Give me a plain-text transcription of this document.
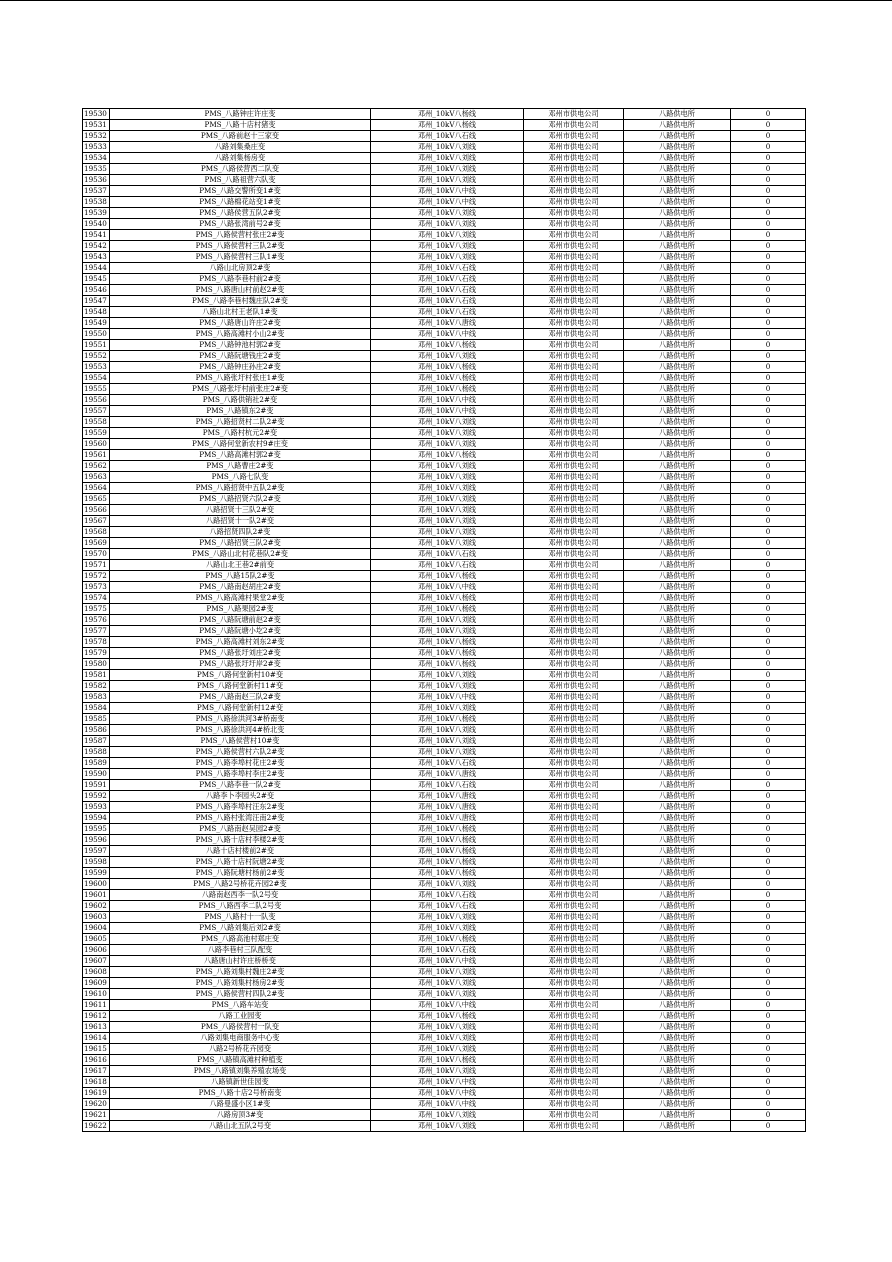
19530	PMS_八路钟庄许庄变	邓州_10kV八杨线	邓州市供电公司	八路供电所	0
19531	PMS_八路十店村猪变	邓州_10kV八杨线	邓州市供电公司	八路供电所	0
19532	PMS_八路前赵十三家变	邓州_10kV八石线	邓州市供电公司	八路供电所	0
19533	八路刘集桑庄变	邓州_10kV八刘线	邓州市供电公司	八路供电所	0
19534	八路刘集杨房变	邓州_10kV八刘线	邓州市供电公司	八路供电所	0
19535	PMS_八路侯营西二队变	邓州_10kV八刘线	邓州市供电公司	八路供电所	0
19536	PMS_八路祖营六队变	邓州_10kV八刘线	邓州市供电公司	八路供电所	0
19537	PMS_八路交警所变1#变	邓州_10kV八中线	邓州市供电公司	八路供电所	0
19538	PMS_八路棉花站变1#变	邓州_10kV八中线	邓州市供电公司	八路供电所	0
19539	PMS_八路侯营五队2#变	邓州_10kV八刘线	邓州市供电公司	八路供电所	0
19540	PMS_八路张湾前号2#变	邓州_10kV八刘线	邓州市供电公司	八路供电所	0
19541	PMS_八路侯营村张庄2#变	邓州_10kV八刘线	邓州市供电公司	八路供电所	0
19542	PMS_八路侯营村三队2#变	邓州_10kV八刘线	邓州市供电公司	八路供电所	0
19543	PMS_八路侯营村三队1#变	邓州_10kV八刘线	邓州市供电公司	八路供电所	0
19544	八路山北房顶2#变	邓州_10kV八石线	邓州市供电公司	八路供电所	0
19545	PMS_八路李巷村前2#变	邓州_10kV八石线	邓州市供电公司	八路供电所	0
19546	PMS_八路唐山村前赵2#变	邓州_10kV八石线	邓州市供电公司	八路供电所	0
19547	PMS_八路李巷村魏庄队2#变	邓州_10kV八石线	邓州市供电公司	八路供电所	0
19548	八路山北村王老队1#变	邓州_10kV八石线	邓州市供电公司	八路供电所	0
19549	PMS_八路唐山许庄2#变	邓州_10kV八唐线	邓州市供电公司	八路供电所	0
19550	PMS_八路高滩村小山2#变	邓州_10kV八中线	邓州市供电公司	八路供电所	0
19551	PMS_八路钟池村郭2#变	邓州_10kV八杨线	邓州市供电公司	八路供电所	0
19552	PMS_八路阮塘钱庄2#变	邓州_10kV八刘线	邓州市供电公司	八路供电所	0
19553	PMS_八路钟庄孙庄2#变	邓州_10kV八杨线	邓州市供电公司	八路供电所	0
19554	PMS_八路张圩村张庄1#变	邓州_10kV八杨线	邓州市供电公司	八路供电所	0
19555	PMS_八路张圩村前张庄2#变	邓州_10kV八杨线	邓州市供电公司	八路供电所	0
19556	PMS_八路供销社2#变	邓州_10kV八中线	邓州市供电公司	八路供电所	0
19557	PMS_八路镇东2#变	邓州_10kV八中线	邓州市供电公司	八路供电所	0
19558	PMS_八路招贤村二队2#变	邓州_10kV八刘线	邓州市供电公司	八路供电所	0
19559	PMS_八路村杭元2#变	邓州_10kV八刘线	邓州市供电公司	八路供电所	0
19560	PMS_八路何堂新农村9#庄变	邓州_10kV八刘线	邓州市供电公司	八路供电所	0
19561	PMS_八路高滩村郭2#变	邓州_10kV八杨线	邓州市供电公司	八路供电所	0
19562	PMS_八路曹庄2#变	邓州_10kV八刘线	邓州市供电公司	八路供电所	0
19563	PMS_八路七队变	邓州_10kV八刘线	邓州市供电公司	八路供电所	0
19564	PMS_八路招贤中五队2#变	邓州_10kV八刘线	邓州市供电公司	八路供电所	0
19565	PMS_八路招贤六队2#变	邓州_10kV八刘线	邓州市供电公司	八路供电所	0
19566	八路招贤十三队2#变	邓州_10kV八刘线	邓州市供电公司	八路供电所	0
19567	八路招贤十一队2#变	邓州_10kV八刘线	邓州市供电公司	八路供电所	0
19568	八路招贤四队2#变	邓州_10kV八刘线	邓州市供电公司	八路供电所	0
19569	PMS_八路招贤三队2#变	邓州_10kV八刘线	邓州市供电公司	八路供电所	0
19570	PMS_八路山北村花巷队2#变	邓州_10kV八石线	邓州市供电公司	八路供电所	0
19571	八路山北王巷2#前变	邓州_10kV八石线	邓州市供电公司	八路供电所	0
19572	PMS_八路15队2#变	邓州_10kV八杨线	邓州市供电公司	八路供电所	0
19573	PMS_八路南赵胡庄2#变	邓州_10kV八中线	邓州市供电公司	八路供电所	0
19574	PMS_八路高滩村果堂2#变	邓州_10kV八杨线	邓州市供电公司	八路供电所	0
19575	PMS_八路果园2#变	邓州_10kV八杨线	邓州市供电公司	八路供电所	0
19576	PMS_八路阮塘前赵2#变	邓州_10kV八刘线	邓州市供电公司	八路供电所	0
19577	PMS_八路阮塘小圪2#变	邓州_10kV八刘线	邓州市供电公司	八路供电所	0
19578	PMS_八路高滩村刘东2#变	邓州_10kV八杨线	邓州市供电公司	八路供电所	0
19579	PMS_八路张圩刘庄2#变	邓州_10kV八杨线	邓州市供电公司	八路供电所	0
19580	PMS_八路张圩圩岸2#变	邓州_10kV八杨线	邓州市供电公司	八路供电所	0
19581	PMS_八路何堂新村10#变	邓州_10kV八刘线	邓州市供电公司	八路供电所	0
19582	PMS_八路何堂新村11#变	邓州_10kV八刘线	邓州市供电公司	八路供电所	0
19583	PMS_八路南赵三队2#变	邓州_10kV八中线	邓州市供电公司	八路供电所	0
19584	PMS_八路何堂新村12#变	邓州_10kV八刘线	邓州市供电公司	八路供电所	0
19585	PMS_八路徐洪河3#桥南变	邓州_10kV八杨线	邓州市供电公司	八路供电所	0
19586	PMS_八路徐洪河4#桥北变	邓州_10kV八刘线	邓州市供电公司	八路供电所	0
19587	PMS_八路侯营村10#变	邓州_10kV八刘线	邓州市供电公司	八路供电所	0
19588	PMS_八路侯营村六队2#变	邓州_10kV八刘线	邓州市供电公司	八路供电所	0
19589	PMS_八路李埠村花庄2#变	邓州_10kV八石线	邓州市供电公司	八路供电所	0
19590	PMS_八路李埠村李庄2#变	邓州_10kV八唐线	邓州市供电公司	八路供电所	0
19591	PMS_八路李巷一队2#变	邓州_10kV八石线	邓州市供电公司	八路供电所	0
19592	八路李卜李园头2#变	邓州_10kV八唐线	邓州市供电公司	八路供电所	0
19593	PMS_八路李埠村汪东2#变	邓州_10kV八唐线	邓州市供电公司	八路供电所	0
19594	PMS_八路村张湾汪南2#变	邓州_10kV八唐线	邓州市供电公司	八路供电所	0
19595	PMS_八路南赵吴园2#变	邓州_10kV八杨线	邓州市供电公司	八路供电所	0
19596	PMS_八路十店村李楼2#变	邓州_10kV八杨线	邓州市供电公司	八路供电所	0
19597	八路十店村楼前2#变	邓州_10kV八杨线	邓州市供电公司	八路供电所	0
19598	PMS_八路十店村阮塘2#变	邓州_10kV八杨线	邓州市供电公司	八路供电所	0
19599	PMS_八路阮塘村杨前2#变	邓州_10kV八杨线	邓州市供电公司	八路供电所	0
19600	PMS_八路2号桥花卉园2#变	邓州_10kV八刘线	邓州市供电公司	八路供电所	0
19601	八路南赵西李一队2号变	邓州_10kV八石线	邓州市供电公司	八路供电所	0
19602	PMS_八路西李二队2号变	邓州_10kV八石线	邓州市供电公司	八路供电所	0
19603	PMS_八路村十一队变	邓州_10kV八刘线	邓州市供电公司	八路供电所	0
19604	PMS_八路刘集后刘2#变	邓州_10kV八刘线	邓州市供电公司	八路供电所	0
19605	PMS_八路高池村郑庄变	邓州_10kV八杨线	邓州市供电公司	八路供电所	0
19606	八路李巷村三队配变	邓州_10kV八石线	邓州市供电公司	八路供电所	0
19607	八路唐山村许庄桥桥变	邓州_10kV八中线	邓州市供电公司	八路供电所	0
19608	PMS_八路刘集村魏庄2#变	邓州_10kV八刘线	邓州市供电公司	八路供电所	0
19609	PMS_八路刘集村杨房2#变	邓州_10kV八刘线	邓州市供电公司	八路供电所	0
19610	PMS_八路侯营村四队2#变	邓州_10kV八刘线	邓州市供电公司	八路供电所	0
19611	PMS_八路车站变	邓州_10kV八中线	邓州市供电公司	八路供电所	0
19612	八路工业园变	邓州_10kV八杨线	邓州市供电公司	八路供电所	0
19613	PMS_八路侯营村一队变	邓州_10kV八刘线	邓州市供电公司	八路供电所	0
19614	八路刘集电商服务中心变	邓州_10kV八刘线	邓州市供电公司	八路供电所	0
19615	八路2号桥花卉园变	邓州_10kV八刘线	邓州市供电公司	八路供电所	0
19616	PMS_八路镇高滩村种植变	邓州_10kV八杨线	邓州市供电公司	八路供电所	0
19617	PMS_八路镇刘集养殖农场变	邓州_10kV八刘线	邓州市供电公司	八路供电所	0
19618	八路镇新世佳园变	邓州_10kV八中线	邓州市供电公司	八路供电所	0
19619	PMS_八路十店2号桥南变	邓州_10kV八中线	邓州市供电公司	八路供电所	0
19620	八路曼盛小区1#变	邓州_10kV八中线	邓州市供电公司	八路供电所	0
19621	八路房顶3#变	邓州_10kV八刘线	邓州市供电公司	八路供电所	0
19622	八路山北五队2号变	邓州_10kV八刘线	邓州市供电公司	八路供电所	0
